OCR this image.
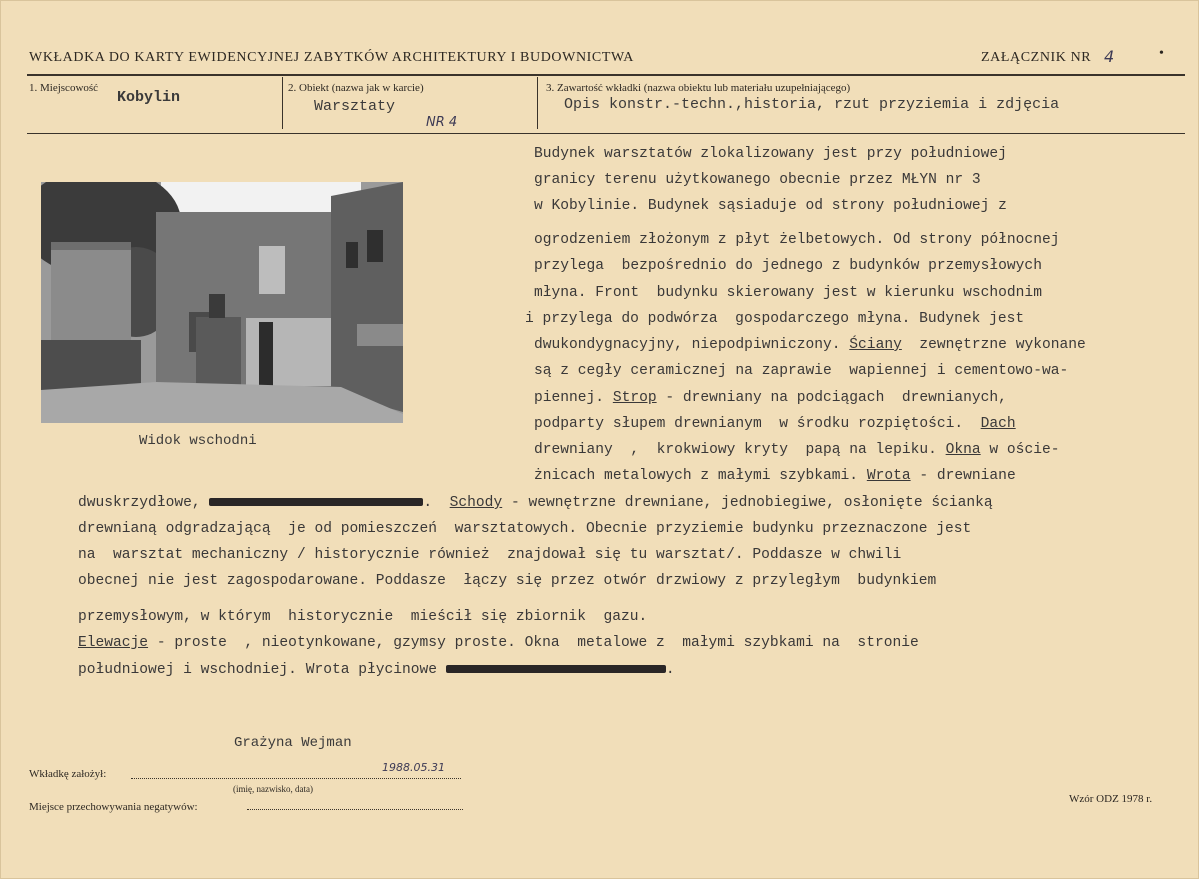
WKŁADKA DO KARTY EWIDENCYJNEJ ZABYTKÓW ARCHITEKTURY I BUDOWNICTWA	ZAŁĄCZNIK NR 4	•
1. Miejscowość
Kobylin
2. Obiekt (nazwa jak w karcie)
Warsztaty
NR 4
3. Zawartość wkładki (nazwa obiektu lub materiału uzupełniającego)
Opis konstr.-techn.,historia, rzut przyziemia i zdjęcia
Widok wschodni
Budynek warsztatów zlokalizowany jest przy południowej
granicy terenu użytkowanego obecnie przez MŁYN nr 3
w Kobylinie. Budynek sąsiaduje od strony południowej z
ogrodzeniem złożonym z płyt żelbetowych. Od strony północnej
przylega  bezpośrednio do jednego z budynków przemysłowych
młyna. Front  budynku skierowany jest w kierunku wschodnim
i przylega do podwórza  gospodarczego młyna. Budynek jest
dwukondygnacyjny, niepodpiwniczony. Ściany  zewnętrzne wykonane
są z cegły ceramicznej na zaprawie  wapiennej i cementowo-wa-
piennej. Strop - drewniany na podciągach  drewnianych,
podparty słupem drewnianym  w środku rozpiętości. Dach
drewniany  ,  krokwiowy kryty  papą na lepiku. Okna w oście-
żnicach metalowych z małymi szybkami. Wrota - drewniane
dwuskrzydłowe,	. Schody - wewnętrzne drewniane, jednobiegiwe, osłonięte ścianką
drewnianą odgradzającą  je od pomieszczeń  warsztatowych. Obecnie przyziemie budynku przeznaczone jest
na  warsztat mechaniczny / historycznie również  znajdował się tu warsztat/. Poddasze w chwili
obecnej nie jest zagospodarowane. Poddasze  łączy się przez otwór drzwiowy z przyległym  budynkiem
przemysłowym, w którym  historycznie  mieścił się zbiornik  gazu.
Elewacje - proste  , nieotynkowane, gzymsy proste. Okna  metalowe z  małymi szybkami na  stronie
południowej i wschodniej. Wrota płycinowe	.
Grażyna Wejman
Wkładkę założył:	1988.05.31
(imię, nazwisko, data)
Miejsce przechowywania negatywów:
Wzór ODZ 1978 r.
